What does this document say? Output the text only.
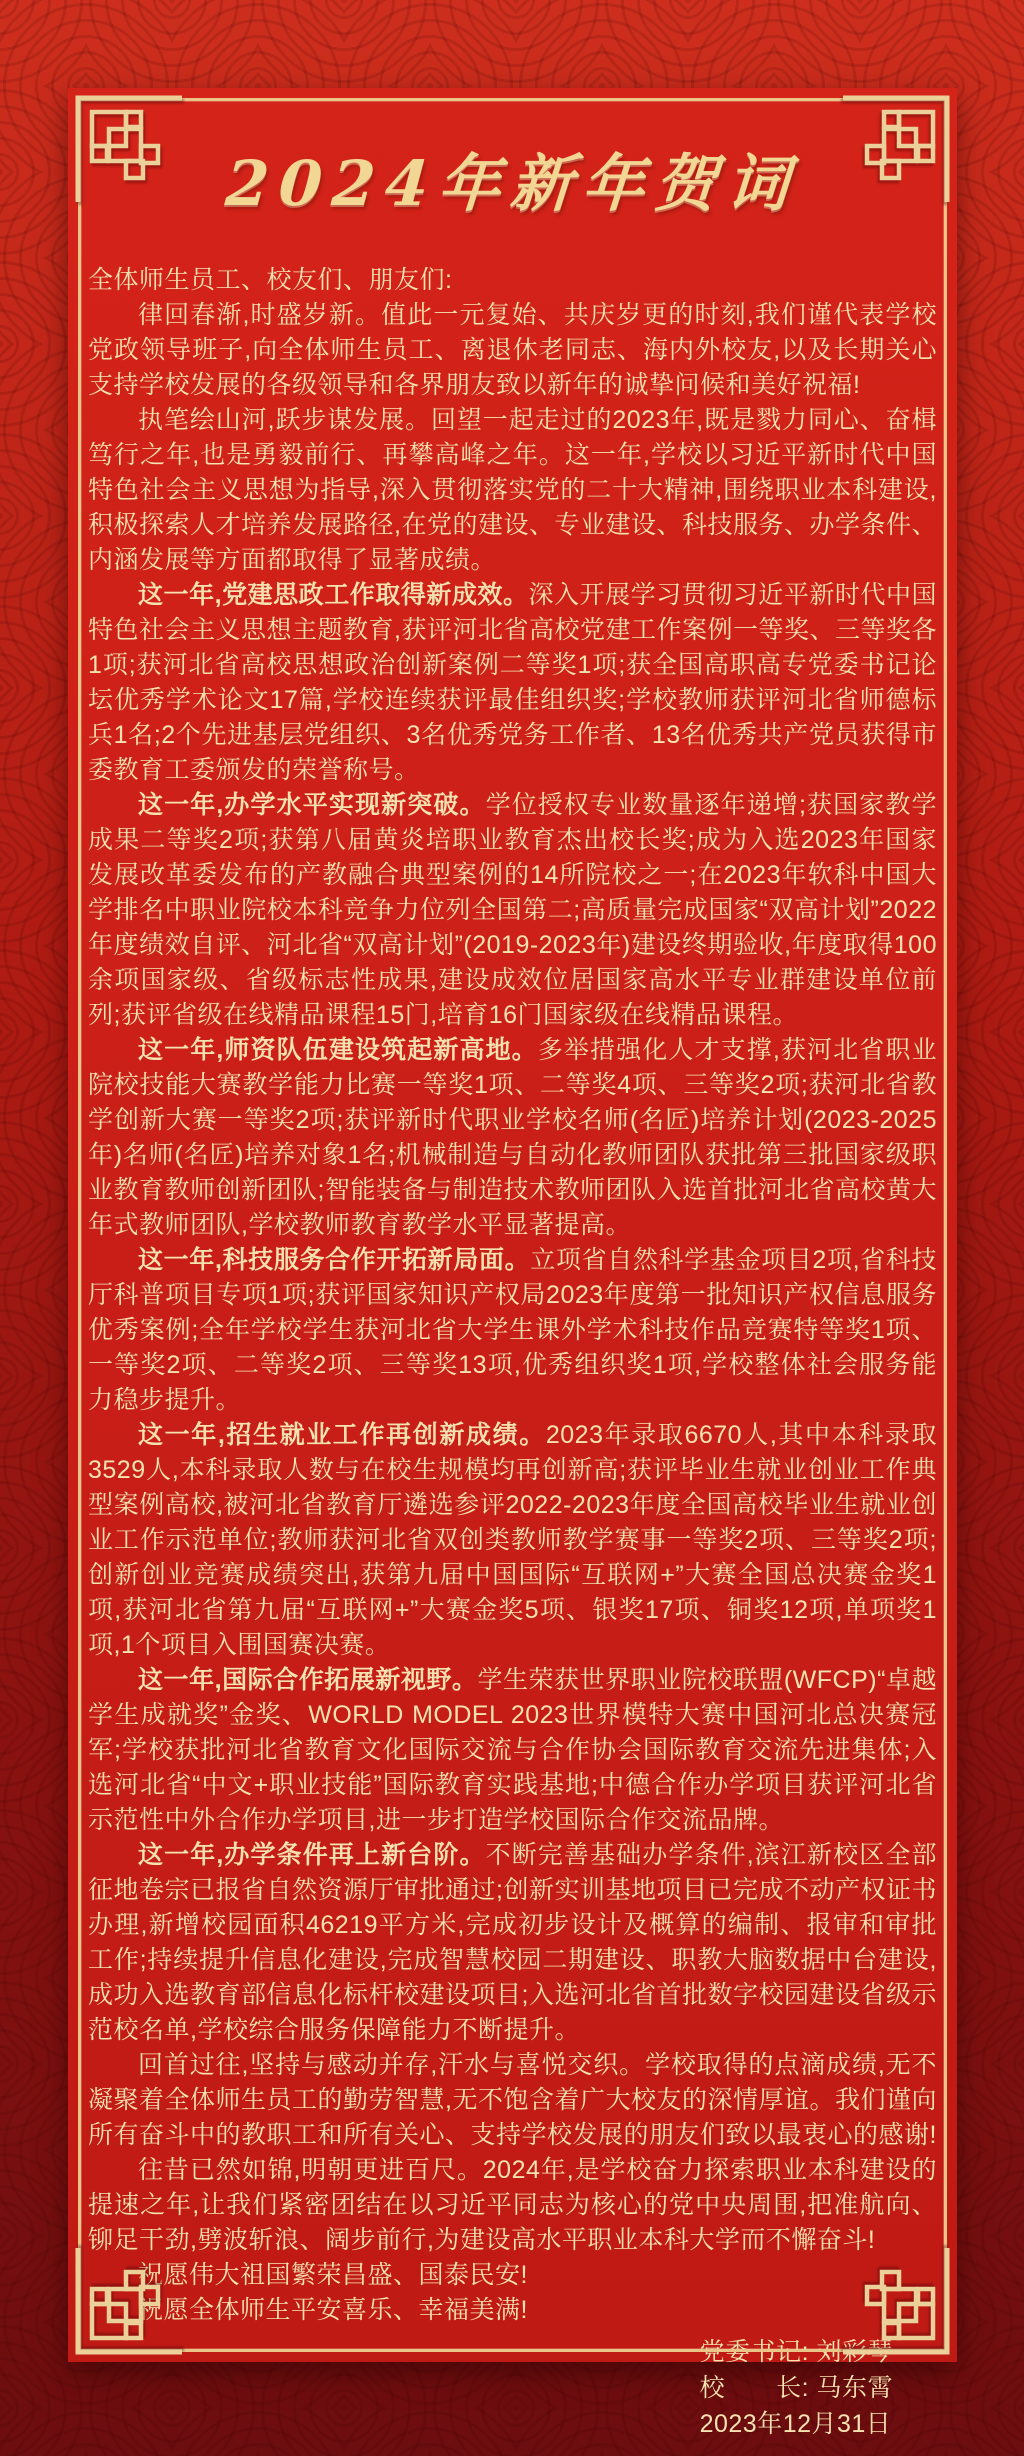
2024年新年贺词

全体师生员工、校友们、朋友们:

律回春渐,时盛岁新。值此一元复始、共庆岁更的时刻,我们谨代表学校党政领导班子,向全体师生员工、离退休老同志、海内外校友,以及长期关心支持学校发展的各级领导和各界朋友致以新年的诚挚问候和美好祝福!

执笔绘山河,跃步谋发展。回望一起走过的2023年,既是戮力同心、奋楫笃行之年,也是勇毅前行、再攀高峰之年。这一年,学校以习近平新时代中国特色社会主义思想为指导,深入贯彻落实党的二十大精神,围绕职业本科建设,积极探索人才培养发展路径,在党的建设、专业建设、科技服务、办学条件、内涵发展等方面都取得了显著成绩。

这一年,党建思政工作取得新成效。深入开展学习贯彻习近平新时代中国特色社会主义思想主题教育,获评河北省高校党建工作案例一等奖、三等奖各1项;获河北省高校思想政治创新案例二等奖1项;获全国高职高专党委书记论坛优秀学术论文17篇,学校连续获评最佳组织奖;学校教师获评河北省师德标兵1名;2个先进基层党组织、3名优秀党务工作者、13名优秀共产党员获得市委教育工委颁发的荣誉称号。

这一年,办学水平实现新突破。学位授权专业数量逐年递增;获国家教学成果二等奖2项;获第八届黄炎培职业教育杰出校长奖;成为入选2023年国家发展改革委发布的产教融合典型案例的14所院校之一;在2023年软科中国大学排名中职业院校本科竞争力位列全国第二;高质量完成国家“双高计划”2022年度绩效自评、河北省“双高计划”(2019-2023年)建设终期验收,年度取得100余项国家级、省级标志性成果,建设成效位居国家高水平专业群建设单位前列;获评省级在线精品课程15门,培育16门国家级在线精品课程。

这一年,师资队伍建设筑起新高地。多举措强化人才支撑,获河北省职业院校技能大赛教学能力比赛一等奖1项、二等奖4项、三等奖2项;获河北省教学创新大赛一等奖2项;获评新时代职业学校名师(名匠)培养计划(2023-2025年)名师(名匠)培养对象1名;机械制造与自动化教师团队获批第三批国家级职业教育教师创新团队;智能装备与制造技术教师团队入选首批河北省高校黄大年式教师团队,学校教师教育教学水平显著提高。

这一年,科技服务合作开拓新局面。立项省自然科学基金项目2项,省科技厅科普项目专项1项;获评国家知识产权局2023年度第一批知识产权信息服务优秀案例;全年学校学生获河北省大学生课外学术科技作品竞赛特等奖1项、一等奖2项、二等奖2项、三等奖13项,优秀组织奖1项,学校整体社会服务能力稳步提升。

这一年,招生就业工作再创新成绩。2023年录取6670人,其中本科录取3529人,本科录取人数与在校生规模均再创新高;获评毕业生就业创业工作典型案例高校,被河北省教育厅遴选参评2022-2023年度全国高校毕业生就业创业工作示范单位;教师获河北省双创类教师教学赛事一等奖2项、三等奖2项;创新创业竞赛成绩突出,获第九届中国国际“互联网+”大赛全国总决赛金奖1项,获河北省第九届“互联网+”大赛金奖5项、银奖17项、铜奖12项,单项奖1项,1个项目入围国赛决赛。

这一年,国际合作拓展新视野。学生荣获世界职业院校联盟(WFCP)“卓越学生成就奖”金奖、WORLD MODEL 2023世界模特大赛中国河北总决赛冠军;学校获批河北省教育文化国际交流与合作协会国际教育交流先进集体;入选河北省“中文+职业技能”国际教育实践基地;中德合作办学项目获评河北省示范性中外合作办学项目,进一步打造学校国际合作交流品牌。

这一年,办学条件再上新台阶。不断完善基础办学条件,滨江新校区全部征地卷宗已报省自然资源厅审批通过;创新实训基地项目已完成不动产权证书办理,新增校园面积46219平方米,完成初步设计及概算的编制、报审和审批工作;持续提升信息化建设,完成智慧校园二期建设、职教大脑数据中台建设,成功入选教育部信息化标杆校建设项目;入选河北省首批数字校园建设省级示范校名单,学校综合服务保障能力不断提升。

回首过往,坚持与感动并存,汗水与喜悦交织。学校取得的点滴成绩,无不凝聚着全体师生员工的勤劳智慧,无不饱含着广大校友的深情厚谊。我们谨向所有奋斗中的教职工和所有关心、支持学校发展的朋友们致以最衷心的感谢!

往昔已然如锦,明朝更进百尺。2024年,是学校奋力探索职业本科建设的提速之年,让我们紧密团结在以习近平同志为核心的党中央周围,把准航向、铆足干劲,劈波斩浪、阔步前行,为建设高水平职业本科大学而不懈奋斗!

祝愿伟大祖国繁荣昌盛、国泰民安!

祝愿全体师生平安喜乐、幸福美满!

党委书记: 刘彩琴
校　　长: 马东霄
2023年12月31日
